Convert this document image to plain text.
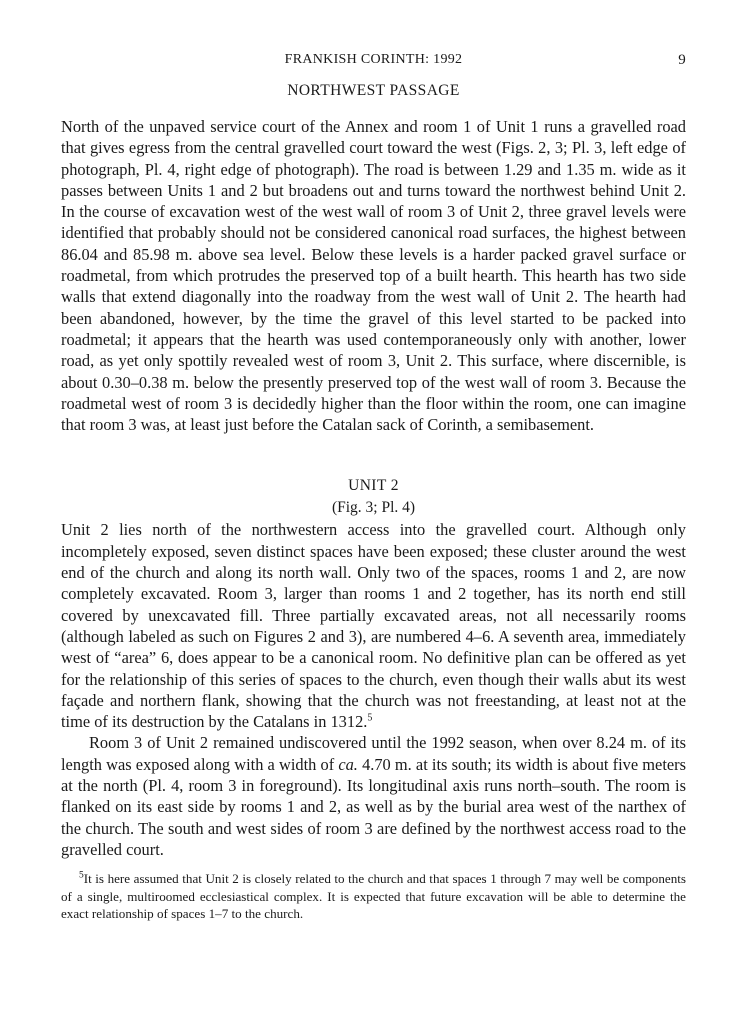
FRANKISH CORINTH: 1992	9
NORTHWEST PASSAGE

North of the unpaved service court of the Annex and room 1 of Unit 1 runs a gravelled road that gives egress from the central gravelled court toward the west (Figs. 2, 3; Pl. 3, left edge of photograph, Pl. 4, right edge of photograph). The road is between 1.29 and 1.35 m. wide as it passes between Units 1 and 2 but broadens out and turns toward the northwest behind Unit 2. In the course of excavation west of the west wall of room 3 of Unit 2, three gravel levels were identified that probably should not be considered canonical road surfaces, the highest between 86.04 and 85.98 m. above sea level. Below these levels is a harder packed gravel surface or roadmetal, from which protrudes the preserved top of a built hearth. This hearth has two side walls that extend diagonally into the roadway from the west wall of Unit 2. The hearth had been abandoned, however, by the time the gravel of this level started to be packed into roadmetal; it appears that the hearth was used contemporaneously only with another, lower road, as yet only spottily revealed west of room 3, Unit 2. This surface, where discernible, is about 0.30–0.38 m. below the presently preserved top of the west wall of room 3. Because the roadmetal west of room 3 is decidedly higher than the floor within the room, one can imagine that room 3 was, at least just before the Catalan sack of Corinth, a semibasement.

UNIT 2
(Fig. 3; Pl. 4)

Unit 2 lies north of the northwestern access into the gravelled court. Although only incompletely exposed, seven distinct spaces have been exposed; these cluster around the west end of the church and along its north wall. Only two of the spaces, rooms 1 and 2, are now completely excavated. Room 3, larger than rooms 1 and 2 together, has its north end still covered by unexcavated fill. Three partially excavated areas, not all necessarily rooms (although labeled as such on Figures 2 and 3), are numbered 4–6. A seventh area, immediately west of “area” 6, does appear to be a canonical room. No definitive plan can be offered as yet for the relationship of this series of spaces to the church, even though their walls abut its west façade and northern flank, showing that the church was not freestanding, at least not at the time of its destruction by the Catalans in 1312.$^5$

Room 3 of Unit 2 remained undiscovered until the 1992 season, when over 8.24 m. of its length was exposed along with a width of ca. 4.70 m. at its south; its width is about five meters at the north (Pl. 4, room 3 in foreground). Its longitudinal axis runs north–south. The room is flanked on its east side by rooms 1 and 2, as well as by the burial area west of the narthex of the church. The south and west sides of room 3 are defined by the northwest access road to the gravelled court.

$^5$It is here assumed that Unit 2 is closely related to the church and that spaces 1 through 7 may well be components of a single, multiroomed ecclesiastical complex. It is expected that future excavation will be able to determine the exact relationship of spaces 1–7 to the church.
